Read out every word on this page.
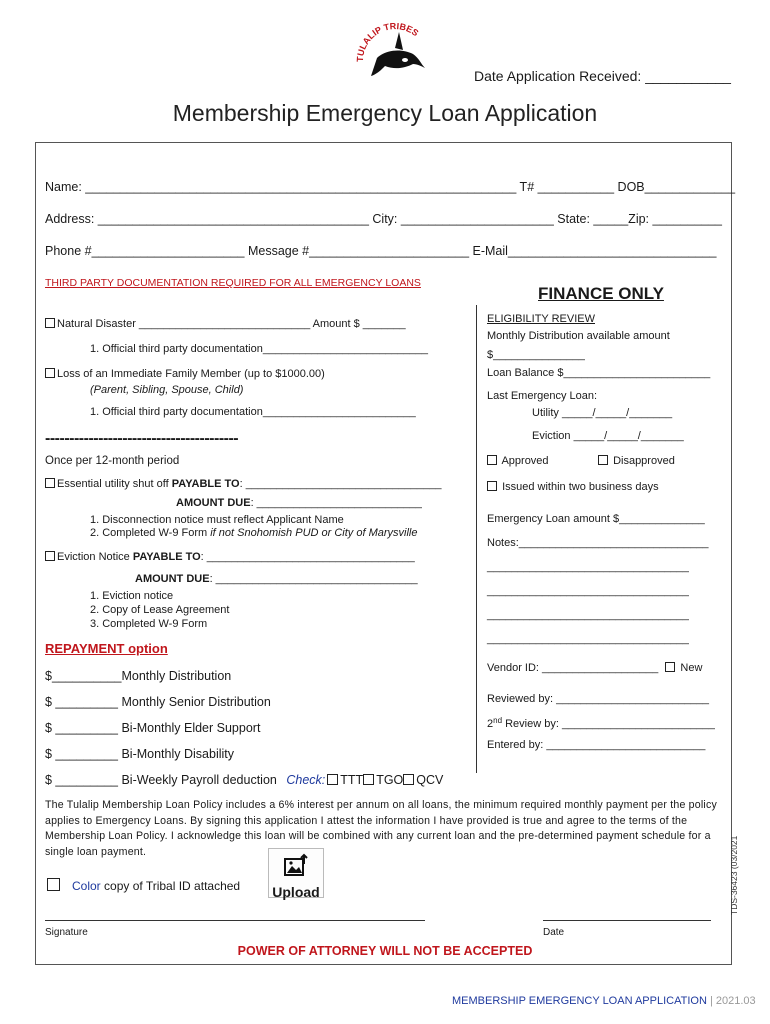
TULALIP TRIBES
Date Application Received: ___________
Membership Emergency Loan Application
Name: ______________________________________________________________ T# ___________ DOB_____________
Address: _______________________________________ City: ______________________ State: _____Zip: __________
Phone #______________________ Message #_______________________ E-Mail______________________________
THIRD PARTY DOCUMENTATION REQUIRED FOR ALL EMERGENCY LOANS
Natural Disaster ____________________________ Amount $ _______
1. Official third party documentation___________________________
Loss of an Immediate Family Member (up to $1000.00)
(Parent, Sibling, Spouse, Child)
1. Official third party documentation_________________________
----------------------------------------
Once per 12-month period
Essential utility shut off PAYABLE TO: ________________________________
AMOUNT DUE: ___________________________
1. Disconnection notice must reflect Applicant Name
2. Completed W-9 Form if not Snohomish PUD or City of Marysville
Eviction Notice PAYABLE TO: __________________________________
AMOUNT DUE: _________________________________
1. Eviction notice
2. Copy of Lease Agreement
3. Completed W-9 Form
REPAYMENT option
$__________Monthly Distribution
$ _________ Monthly Senior Distribution
$ _________ Bi-Monthly Elder Support
$ _________ Bi-Monthly Disability
$ _________ Bi-Weekly Payroll deduction Check: TTT TGO QCV
FINANCE ONLY
ELIGIBILITY REVIEW
Monthly Distribution available amount
$_______________
Loan Balance $________________________
Last Emergency Loan:
Utility _____/_____/_______
Eviction _____/_____/_______
Approved	Disapproved
Issued within two business days
Emergency Loan amount $______________
Notes:_______________________________
_________________________________
_________________________________
_________________________________
_________________________________
Vendor ID: ___________________ New
Reviewed by: _________________________
2nd Review by: _________________________
Entered by: __________________________
The Tulalip Membership Loan Policy includes a 6% interest per annum on all loans, the minimum required monthly payment per the policy applies to Emergency Loans. By signing this application I attest the information I have provided is true and agree to the terms of the Membership Loan Policy. I acknowledge this loan will be combined with any current loan and the pre-determined payment schedule for a single loan payment.
Color copy of Tribal ID attached Upload
Signature	Date
POWER OF ATTORNEY WILL NOT BE ACCEPTED
TDS-36423 (03/2021
MEMBERSHIP EMERGENCY LOAN APPLICATION | 2021.03
